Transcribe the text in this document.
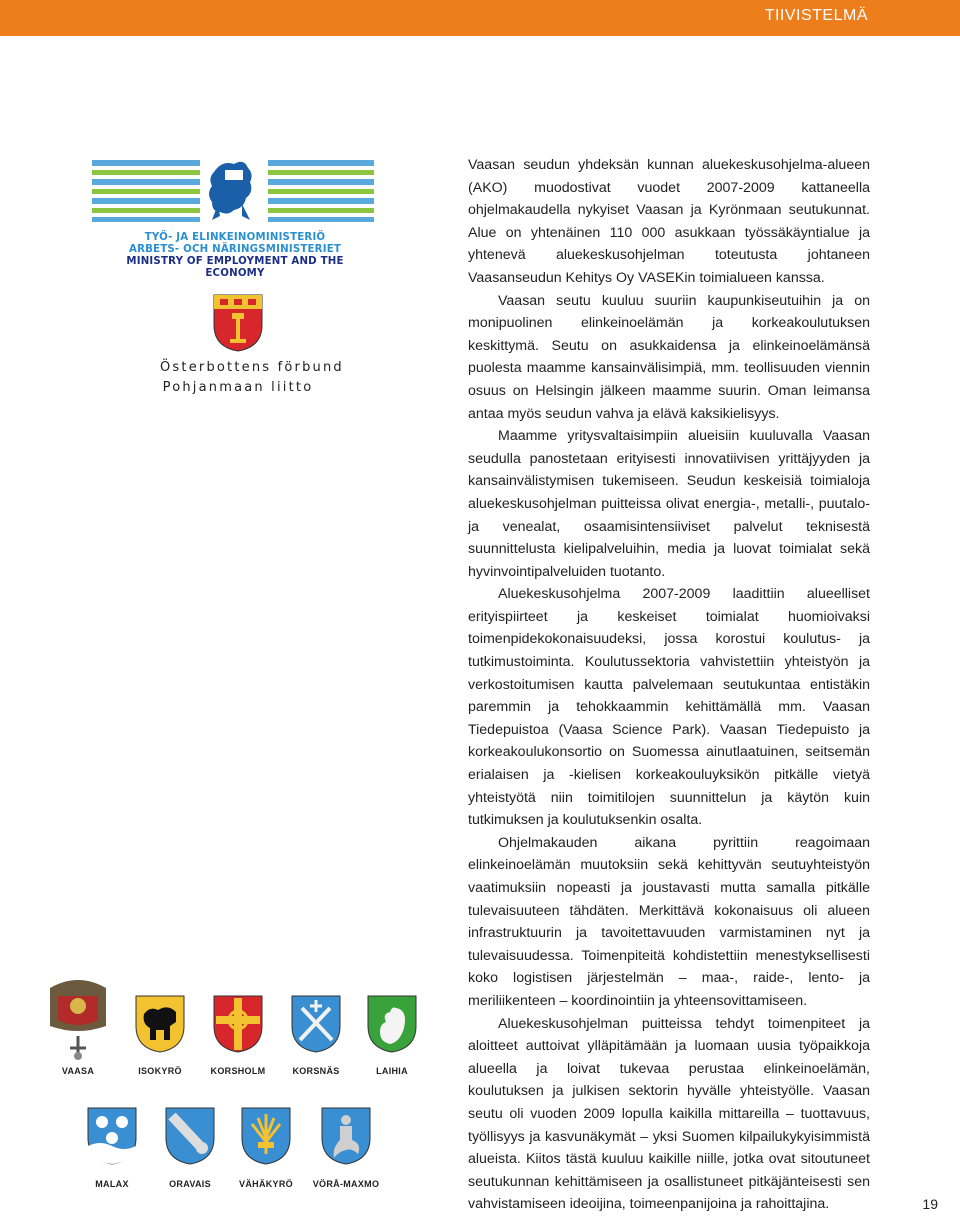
TIIVISTELMÄ
TYÖ- JA ELINKEINOMINISTERIÖ
ARBETS- OCH NÄRINGSMINISTERIET
MINISTRY OF EMPLOYMENT AND THE ECONOMY
Österbottens förbund
Pohjanmaan liitto

Vaasan seudun yhdeksän kunnan aluekeskusohjelma-alueen (AKO) muodostivat vuodet 2007-2009 kattaneella ohjelmakaudella nykyiset Vaasan ja Kyrönmaan seutukunnat. Alue on yhtenäinen 110 000 asukkaan työssäkäyntialue ja yhtenevä aluekeskusohjelman toteutusta johtaneen Vaasanseudun Kehitys Oy VASEKin toimialueen kanssa.

Vaasan seutu kuuluu suuriin kaupunkiseutuihin ja on monipuolinen elinkeinoelämän ja korkeakoulutuksen keskittymä. Seutu on asukkaidensa ja elinkeinoelämänsä puolesta maamme kansainvälisimpiä, mm. teollisuuden viennin osuus on Helsingin jälkeen maamme suurin. Oman leimansa antaa myös seudun vahva ja elävä kaksikielisyys.

Maamme yritysvaltaisimpiin alueisiin kuuluvalla Vaasan seudulla panostetaan erityisesti innovatiivisen yrittäjyyden ja kansainvälistymisen tukemiseen. Seudun keskeisiä toimialoja aluekeskusohjelman puitteissa olivat energia-, metalli-, puutalo- ja venealat, osaamisintensiiviset palvelut teknisestä suunnittelusta kielipalveluihin, media ja luovat toimialat sekä hyvinvointipalveluiden tuotanto.

Aluekeskusohjelma 2007-2009 laadittiin alueelliset erityispiirteet ja keskeiset toimialat huomioivaksi toimenpidekokonaisuudeksi, jossa korostui koulutus- ja tutkimustoiminta. Koulutussektoria vahvistettiin yhteistyön ja verkostoitumisen kautta palvelemaan seutukuntaa entistäkin paremmin ja tehokkaammin kehittämällä mm. Vaasan Tiedepuistoa (Vaasa Science Park). Vaasan Tiedepuisto ja korkeakoulukonsortio on Suomessa ainutlaatuinen, seitsemän erialaisen ja -kielisen korkeakouluyksikön pitkälle vietyä yhteistyötä niin toimitilojen suunnittelun ja käytön kuin tutkimuksen ja koulutuksenkin osalta.

Ohjelmakauden aikana pyrittiin reagoimaan elinkeinoelämän muutoksiin sekä kehittyvän seutuyhteistyön vaatimuksiin nopeasti ja joustavasti mutta samalla pitkälle tulevaisuuteen tähdäten. Merkittävä kokonaisuus oli alueen infrastruktuurin ja tavoitettavuuden varmistaminen nyt ja tulevaisuudessa. Toimenpiteitä kohdistettiin menestyksellisesti koko logistisen järjestelmän – maa-, raide-, lento- ja meriliikenteen – koordinointiin ja yhteensovittamiseen.

Aluekeskusohjelman puitteissa tehdyt toimenpiteet ja aloitteet auttoivat ylläpitämään ja luomaan uusia työpaikkoja alueella ja loivat tukevaa perustaa elinkeinoelämän, koulutuksen ja julkisen sektorin hyvälle yhteistyölle. Vaasan seutu oli vuoden 2009 lopulla kaikilla mittareilla – tuottavuus, työllisyys ja kasvunäkymät – yksi Suomen kilpailukykyisimmistä alueista. Kiitos tästä kuuluu kaikille niille, jotka ovat sitoutuneet seutukunnan kehittämiseen ja osallistuneet pitkäjänteisesti sen vahvistamiseen ideoijina, toimeenpanijoina ja rahoittajina.

VAASA	ISOKYRÖ	KORSHOLM	KORSNÄS	LAIHIA
MALAX	ORAVAIS	VÄHÄKYRÖ	VÖRÅ-MAXMO
19
